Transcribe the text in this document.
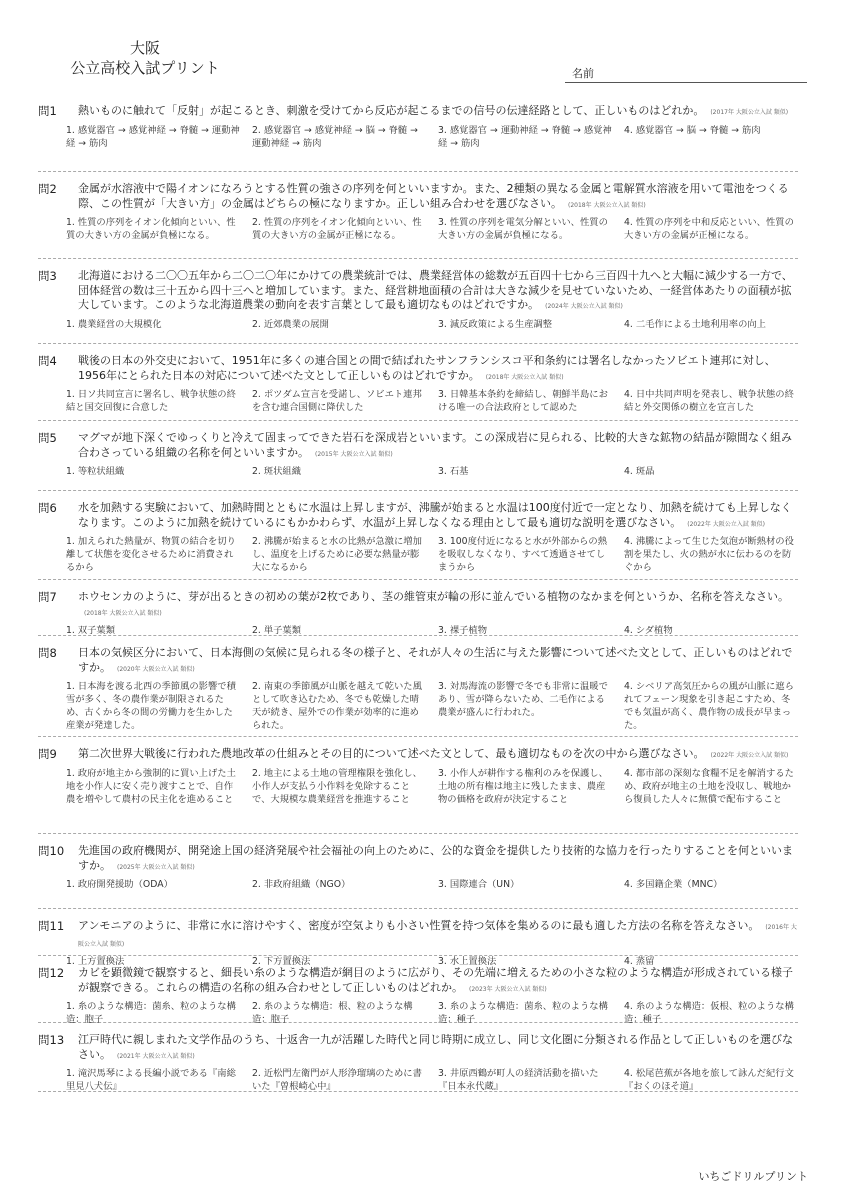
大阪
公立高校入試プリント	名前
問1	熱いものに触れて「反射」が起こるとき、刺激を受けてから反応が起こるまでの信号の伝達経路として、正しいものはどれか。 (2017年 大阪公立入試 類似)
1. 感覚器官 → 感覚神経 → 脊髄 → 運動神経 → 筋肉
2. 感覚器官 → 感覚神経 → 脳 → 脊髄 → 運動神経 → 筋肉
3. 感覚器官 → 運動神経 → 脊髄 → 感覚神経 → 筋肉
4. 感覚器官 → 脳 → 脊髄 → 筋肉
問2	金属が水溶液中で陽イオンになろうとする性質の強さの序列を何といいますか。また、2種類の異なる金属と電解質水溶液を用いて電池をつくる際、この性質が「大きい方」の金属はどちらの極になりますか。正しい組み合わせを選びなさい。 (2018年 大阪公立入試 類似)
1. 性質の序列をイオン化傾向といい、性質の大きい方の金属が負極になる。
2. 性質の序列をイオン化傾向といい、性質の大きい方の金属が正極になる。
3. 性質の序列を電気分解といい、性質の大きい方の金属が負極になる。
4. 性質の序列を中和反応といい、性質の大きい方の金属が正極になる。
問3	北海道における二〇〇五年から二〇二〇年にかけての農業統計では、農業経営体の総数が五百四十七から三百四十九へと大幅に減少する一方で、団体経営の数は三十五から四十三へと増加しています。また、経営耕地面積の合計は大きな減少を見せていないため、一経営体あたりの面積が拡大しています。このような北海道農業の動向を表す言葉として最も適切なものはどれですか。 (2024年 大阪公立入試 類似)
1. 農業経営の大規模化	2. 近郊農業の展開	3. 減反政策による生産調整	4. 二毛作による土地利用率の向上
問4	戦後の日本の外交史において、1951年に多くの連合国との間で結ばれたサンフランシスコ平和条約には署名しなかったソビエト連邦に対し、1956年にとられた日本の対応について述べた文として正しいものはどれですか。 (2018年 大阪公立入試 類似)
1. 日ソ共同宣言に署名し、戦争状態の終結と国交回復に合意した
2. ポツダム宣言を受諾し、ソビエト連邦を含む連合国側に降伏した
3. 日韓基本条約を締結し、朝鮮半島における唯一の合法政府として認めた
4. 日中共同声明を発表し、戦争状態の終結と外交関係の樹立を宣言した
問5	マグマが地下深くでゆっくりと冷えて固まってできた岩石を深成岩といいます。この深成岩に見られる、比較的大きな鉱物の結晶が隙間なく組み合わさっている組織の名称を何といいますか。 (2015年 大阪公立入試 類似)
1. 等粒状組織	2. 斑状組織	3. 石基	4. 斑晶
問6	水を加熱する実験において、加熱時間とともに水温は上昇しますが、沸騰が始まると水温は100度付近で一定となり、加熱を続けても上昇しなくなります。このように加熱を続けているにもかかわらず、水温が上昇しなくなる理由として最も適切な説明を選びなさい。 (2022年 大阪公立入試 類似)
1. 加えられた熱量が、物質の結合を切り離して状態を変化させるために消費されるから
2. 沸騰が始まると水の比熱が急激に増加し、温度を上げるために必要な熱量が膨大になるから
3. 100度付近になると水が外部からの熱を吸収しなくなり、すべて透過させてしまうから
4. 沸騰によって生じた気泡が断熱材の役割を果たし、火の熱が水に伝わるのを防ぐから
問7	ホウセンカのように、芽が出るときの初めの葉が2枚であり、茎の維管束が輪の形に並んでいる植物のなかまを何というか、名称を答えなさい。(2018年 大阪公立入試 類似)
1. 双子葉類	2. 単子葉類	3. 裸子植物	4. シダ植物
問8	日本の気候区分において、日本海側の気候に見られる冬の様子と、それが人々の生活に与えた影響について述べた文として、正しいものはどれですか。 (2020年 大阪公立入試 類似)
1. 日本海を渡る北西の季節風の影響で積雪が多く、冬の農作業が制限されるため、古くから冬の間の労働力を生かした産業が発達した。
2. 南東の季節風が山脈を越えて乾いた風として吹き込むため、冬でも乾燥した晴天が続き、屋外での作業が効率的に進められた。
3. 対馬海流の影響で冬でも非常に温暖であり、雪が降らないため、二毛作による農業が盛んに行われた。
4. シベリア高気圧からの風が山脈に遮られてフェーン現象を引き起こすため、冬でも気温が高く、農作物の成長が早まった。
問9	第二次世界大戦後に行われた農地改革の仕組みとその目的について述べた文として、最も適切なものを次の中から選びなさい。 (2022年 大阪公立入試 類似)
1. 政府が地主から強制的に買い上げた土地を小作人に安く売り渡すことで、自作農を増やして農村の民主化を進めること
2. 地主による土地の管理権限を強化し、小作人が支払う小作料を免除することで、大規模な農業経営を推進すること
3. 小作人が耕作する権利のみを保護し、土地の所有権は地主に残したまま、農産物の価格を政府が決定すること
4. 都市部の深刻な食糧不足を解消するため、政府が地主の土地を没収し、戦地から復員した人々に無償で配布すること
問10	先進国の政府機関が、開発途上国の経済発展や社会福祉の向上のために、公的な資金を提供したり技術的な協力を行ったりすることを何といいますか。 (2025年 大阪公立入試 類似)
1. 政府開発援助（ODA）	2. 非政府組織（NGO）	3. 国際連合（UN）	4. 多国籍企業（MNC）
問11	アンモニアのように、非常に水に溶けやすく、密度が空気よりも小さい性質を持つ気体を集めるのに最も適した方法の名称を答えなさい。 (2016年 大阪公立入試 類似)
1. 上方置換法	2. 下方置換法	3. 水上置換法	4. 蒸留
問12	カビを顕微鏡で観察すると、細長い糸のような構造が網目のように広がり、その先端に増えるための小さな粒のような構造が形成されている様子が観察できる。これらの構造の名称の組み合わせとして正しいものはどれか。 (2023年 大阪公立入試 類似)
1. 糸のような構造：菌糸、粒のような構造：胞子
2. 糸のような構造：根、粒のような構造：胞子
3. 糸のような構造：菌糸、粒のような構造：種子
4. 糸のような構造：仮根、粒のような構造：種子
問13	江戸時代に親しまれた文学作品のうち、十返舎一九が活躍した時代と同じ時期に成立し、同じ文化圏に分類される作品として正しいものを選びなさい。 (2021年 大阪公立入試 類似)
1. 滝沢馬琴による長編小説である『南総里見八犬伝』
2. 近松門左衛門が人形浄瑠璃のために書いた『曽根崎心中』
3. 井原西鶴が町人の経済活動を描いた『日本永代蔵』
4. 松尾芭蕉が各地を旅して詠んだ紀行文『おくのほそ道』
いちごドリルプリント
